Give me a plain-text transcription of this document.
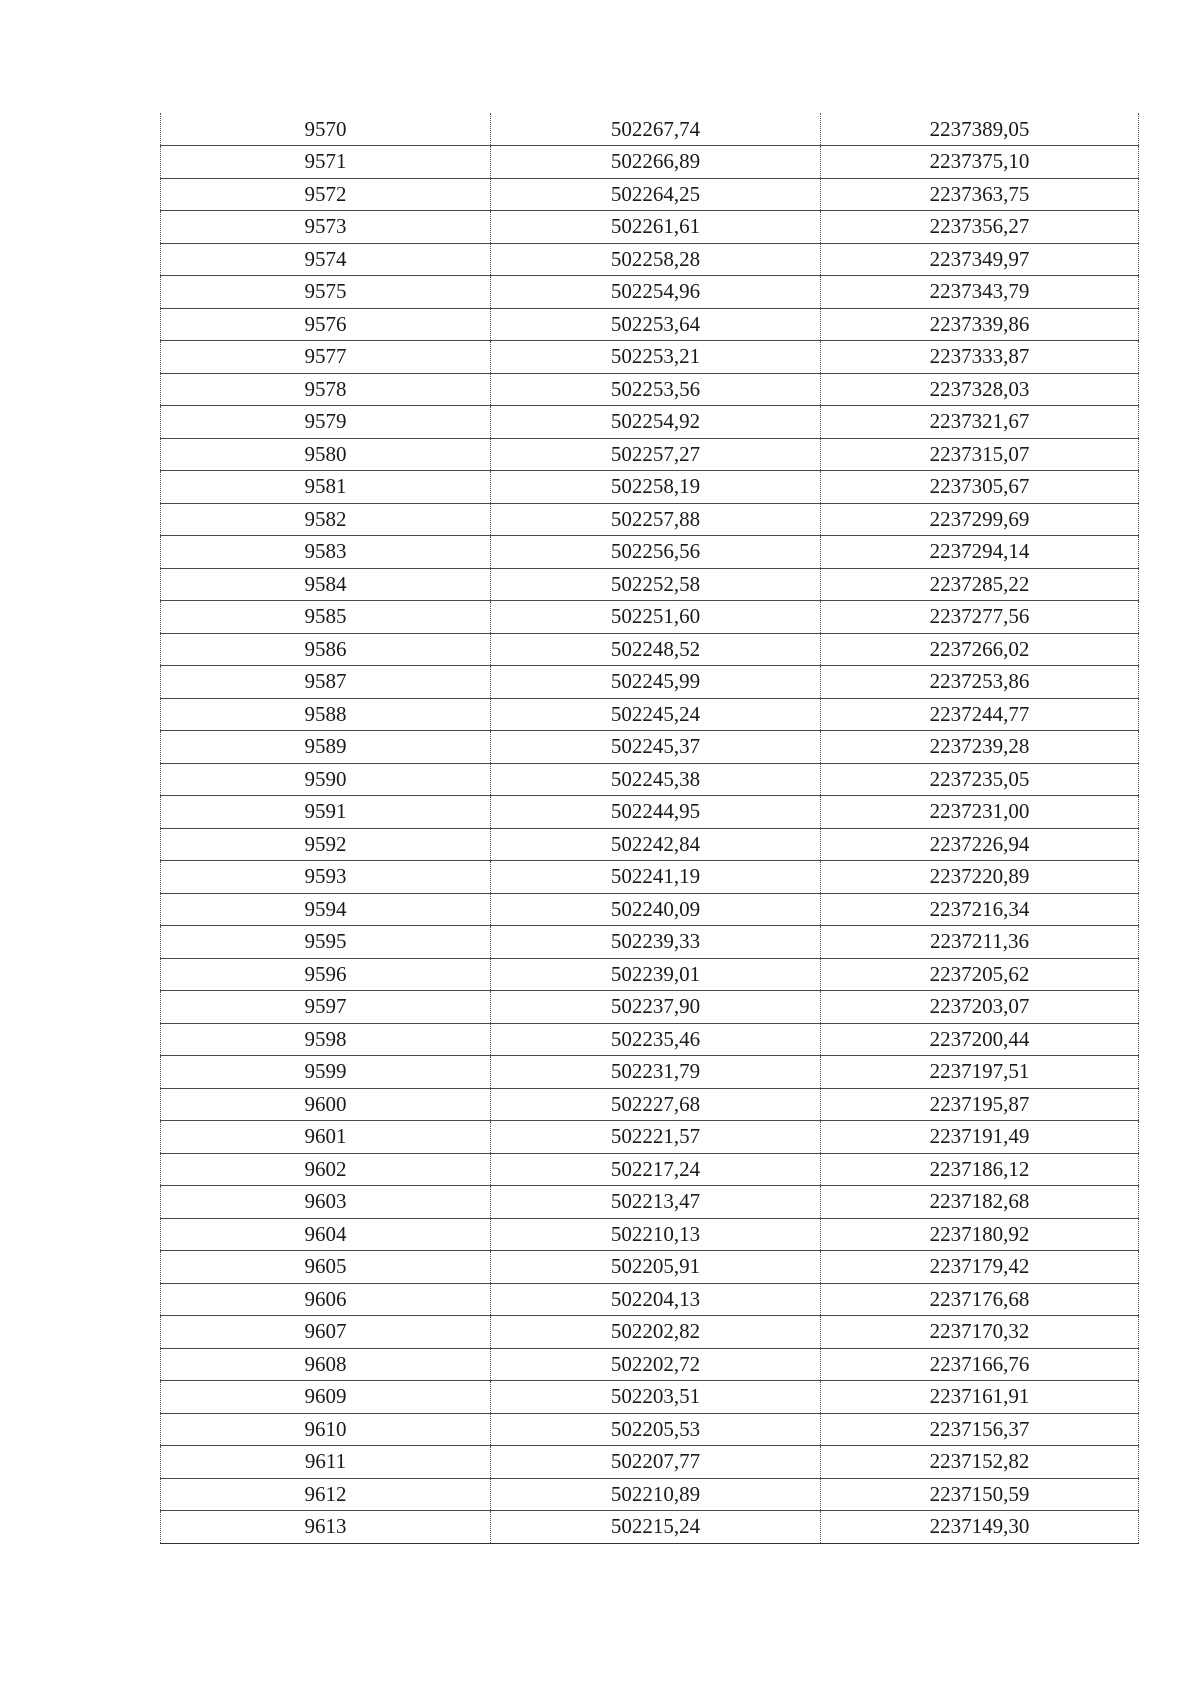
9570	502267,74	2237389,05
9571	502266,89	2237375,10
9572	502264,25	2237363,75
9573	502261,61	2237356,27
9574	502258,28	2237349,97
9575	502254,96	2237343,79
9576	502253,64	2237339,86
9577	502253,21	2237333,87
9578	502253,56	2237328,03
9579	502254,92	2237321,67
9580	502257,27	2237315,07
9581	502258,19	2237305,67
9582	502257,88	2237299,69
9583	502256,56	2237294,14
9584	502252,58	2237285,22
9585	502251,60	2237277,56
9586	502248,52	2237266,02
9587	502245,99	2237253,86
9588	502245,24	2237244,77
9589	502245,37	2237239,28
9590	502245,38	2237235,05
9591	502244,95	2237231,00
9592	502242,84	2237226,94
9593	502241,19	2237220,89
9594	502240,09	2237216,34
9595	502239,33	2237211,36
9596	502239,01	2237205,62
9597	502237,90	2237203,07
9598	502235,46	2237200,44
9599	502231,79	2237197,51
9600	502227,68	2237195,87
9601	502221,57	2237191,49
9602	502217,24	2237186,12
9603	502213,47	2237182,68
9604	502210,13	2237180,92
9605	502205,91	2237179,42
9606	502204,13	2237176,68
9607	502202,82	2237170,32
9608	502202,72	2237166,76
9609	502203,51	2237161,91
9610	502205,53	2237156,37
9611	502207,77	2237152,82
9612	502210,89	2237150,59
9613	502215,24	2237149,30
